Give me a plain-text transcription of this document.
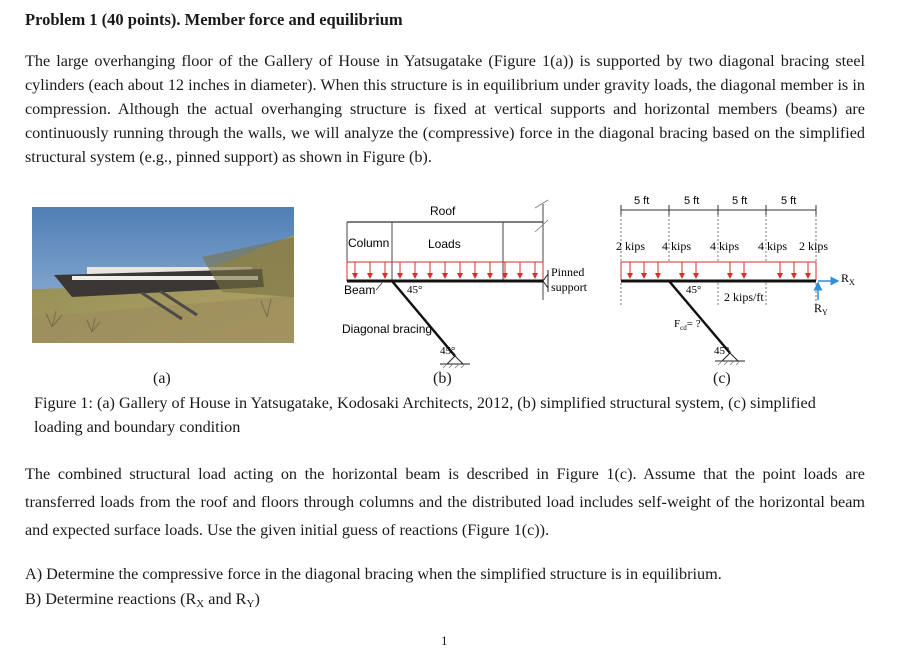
Problem 1 (40 points). Member force and equilibrium

The large overhanging floor of the Gallery of House in Yatsugatake (Figure 1(a)) is supported by two diagonal bracing steel cylinders (each about 12 inches in diameter). When this structure is in equilibrium under gravity loads, the diagonal member is in compression. Although the actual overhanging structure is fixed at vertical supports and horizontal members (beams) are continuously running through the walls, we will analyze the (compressive) force in the diagonal bracing based on the simplified structural system (e.g., pinned support) as shown in Figure (b).

Roof
Column	Loads
Beam	45°
Diagonal bracing
45°
Pinned
support
5 ft	5 ft	5 ft	5 ft
2 kips 4 kips 4 kips 4 kips 2 kips
45°
45°
2 kips/ft
$F_{cd}=$ ?
$R_X$
$R_Y$
(a)	(b)	(c)

Figure 1: (a) Gallery of House in Yatsugatake, Kodosaki Architects, 2012, (b) simplified structural system, (c) simplified loading and boundary condition

The combined structural load acting on the horizontal beam is described in Figure 1(c). Assume that the point loads are transferred loads from the roof and floors through columns and the distributed load includes self-weight of the horizontal beam and expected surface loads. Use the given initial guess of reactions (Figure 1(c)).

A) Determine the compressive force in the diagonal bracing when the simplified structure is in equilibrium.
B) Determine reactions ($R_X$ and $R_Y$)
1
